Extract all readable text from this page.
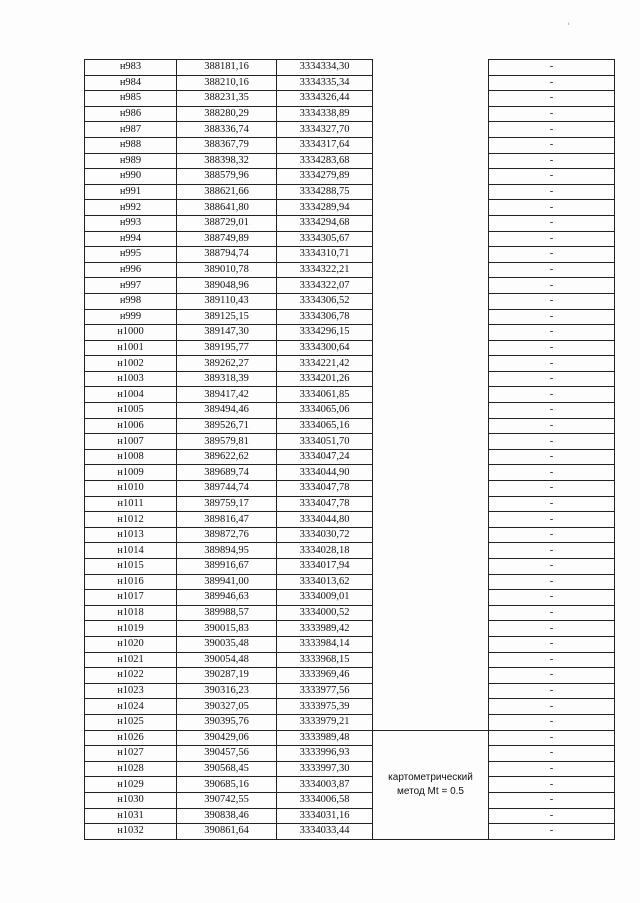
'
н983	388181,16	3334334,30		-
н984	388210,16	3334335,34		-
н985	388231,35	3334326,44		-
н986	388280,29	3334338,89		-
н987	388336,74	3334327,70		-
н988	388367,79	3334317,64		-
н989	388398,32	3334283,68		-
н990	388579,96	3334279,89		-
н991	388621,66	3334288,75		-
н992	388641,80	3334289,94		-
н993	388729,01	3334294,68		-
н994	388749,89	3334305,67		-
н995	388794,74	3334310,71		-
н996	389010,78	3334322,21		-
н997	389048,96	3334322,07		-
н998	389110,43	3334306,52		-
н999	389125,15	3334306,78		-
н1000	389147,30	3334296,15		-
н1001	389195,77	3334300,64		-
н1002	389262,27	3334221,42		-
н1003	389318,39	3334201,26		-
н1004	389417,42	3334061,85		-
н1005	389494,46	3334065,06		-
н1006	389526,71	3334065,16		-
н1007	389579,81	3334051,70		-
н1008	389622,62	3334047,24		-
н1009	389689,74	3334044,90		-
н1010	389744,74	3334047,78		-
н1011	389759,17	3334047,78		-
н1012	389816,47	3334044,80		-
н1013	389872,76	3334030,72		-
н1014	389894,95	3334028,18		-
н1015	389916,67	3334017,94		-
н1016	389941,00	3334013,62		-
н1017	389946,63	3334009,01		-
н1018	389988,57	3334000,52		-
н1019	390015,83	3333989,42		-
н1020	390035,48	3333984,14		-
н1021	390054,48	3333968,15		-
н1022	390287,19	3333969,46		-
н1023	390316,23	3333977,56		-
н1024	390327,05	3333975,39		-
н1025	390395,76	3333979,21		-
н1026	390429,06	3333989,48	картометрический метод Mt = 0.5	-
н1027	390457,56	3333996,93		-
н1028	390568,45	3333997,30		-
н1029	390685,16	3334003,87		-
н1030	390742,55	3334006,58		-
н1031	390838,46	3334031,16		-
н1032	390861,64	3334033,44		-
